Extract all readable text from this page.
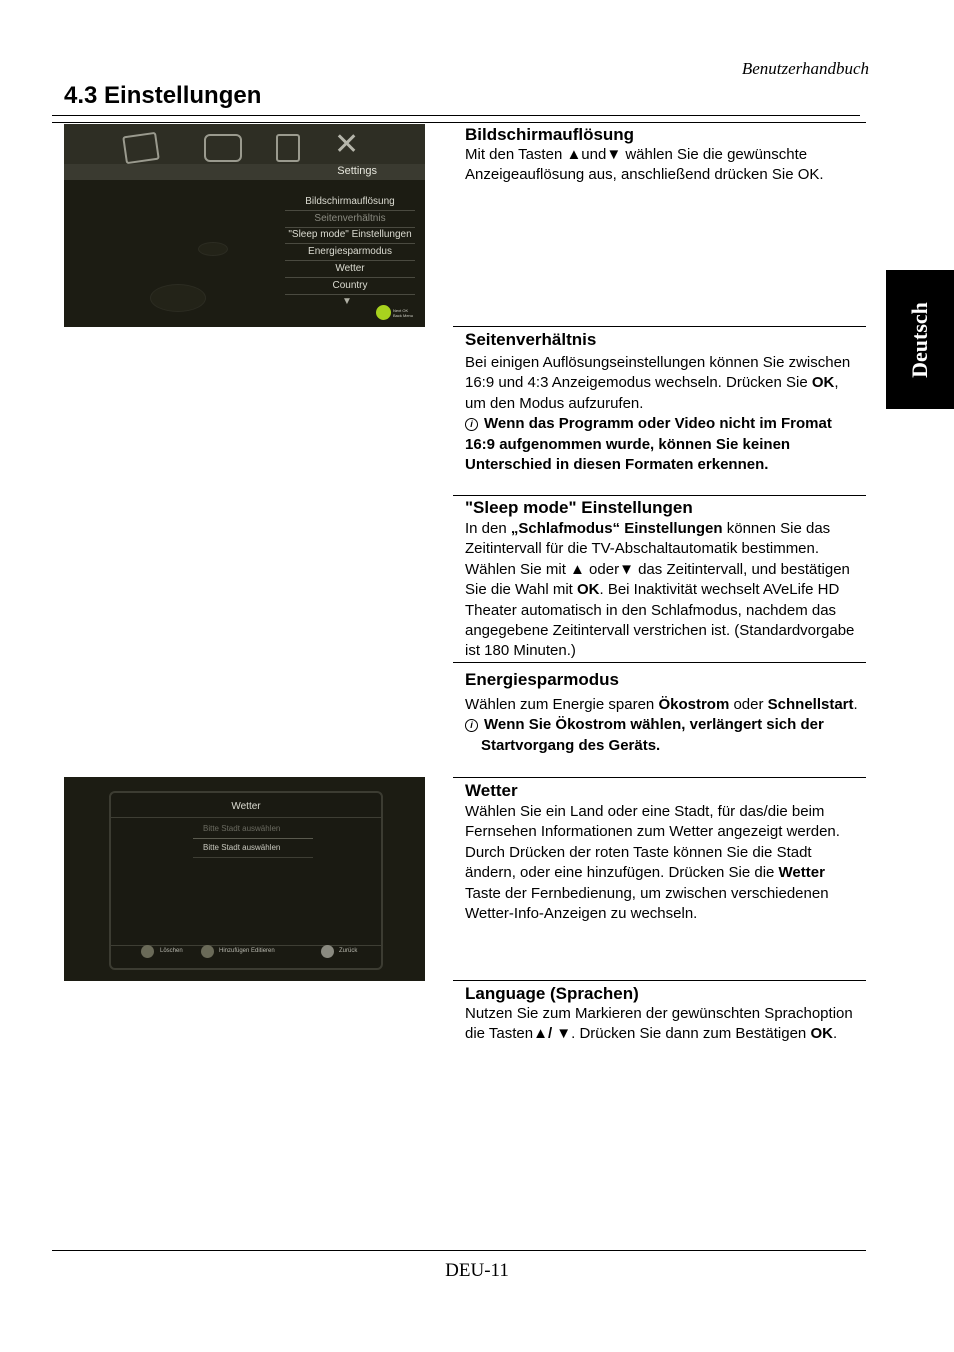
Benutzerhandbuch
4.3 Einstellungen
Deutsch
✕
Settings
Bildschirmauflösung
Seitenverhältnis
"Sleep mode" Einstellungen
Energiesparmodus
Wetter
Country
▼
Next OK Back Menu
Wetter
Bitte Stadt auswählen
Bitte Stadt auswählen
Löschen	Hinzufügen Editieren	Zurück
Bildschirmauflösung

Mit den Tasten ▲und▼ wählen Sie die gewünschte Anzeigeauflösung aus, anschließend drücken Sie OK.

Seitenverhältnis

Bei einigen Auflösungseinstellungen können Sie zwischen 16:9 und 4:3 Anzeigemodus wechseln. Drücken Sie OK, um den Modus aufzurufen.

i Wenn das Programm oder Video nicht im Fromat 16:9 aufgenommen wurde, können Sie keinen Unterschied in diesen Formaten erkennen.

"Sleep mode" Einstellungen

In den „Schlafmodus“ Einstellungen können Sie das Zeitintervall für die TV-Abschaltautomatik bestimmen. Wählen Sie mit ▲ oder▼ das Zeitintervall, und bestätigen Sie die Wahl mit OK. Bei Inaktivität wechselt AVeLife HD Theater automatisch in den Schlafmodus, nachdem das angegebene Zeitintervall verstrichen ist. (Standardvorgabe ist 180 Minuten.)

Energiesparmodus

Wählen zum Energie sparen Ökostrom oder Schnellstart.

i Wenn Sie Ökostrom wählen, verlängert sich der

Startvorgang des Geräts.

Wetter

Wählen Sie ein Land oder eine Stadt, für das/die beim Fernsehen Informationen zum Wetter angezeigt werden. Durch Drücken der roten Taste können Sie die Stadt ändern, oder eine hinzufügen. Drücken Sie die Wetter Taste der Fernbedienung, um zwischen verschiedenen Wetter-Info-Anzeigen zu wechseln.

Language (Sprachen)

Nutzen Sie zum Markieren der gewünschten Sprachoption die Tasten▲/ ▼. Drücken Sie dann zum Bestätigen OK.

DEU-11
